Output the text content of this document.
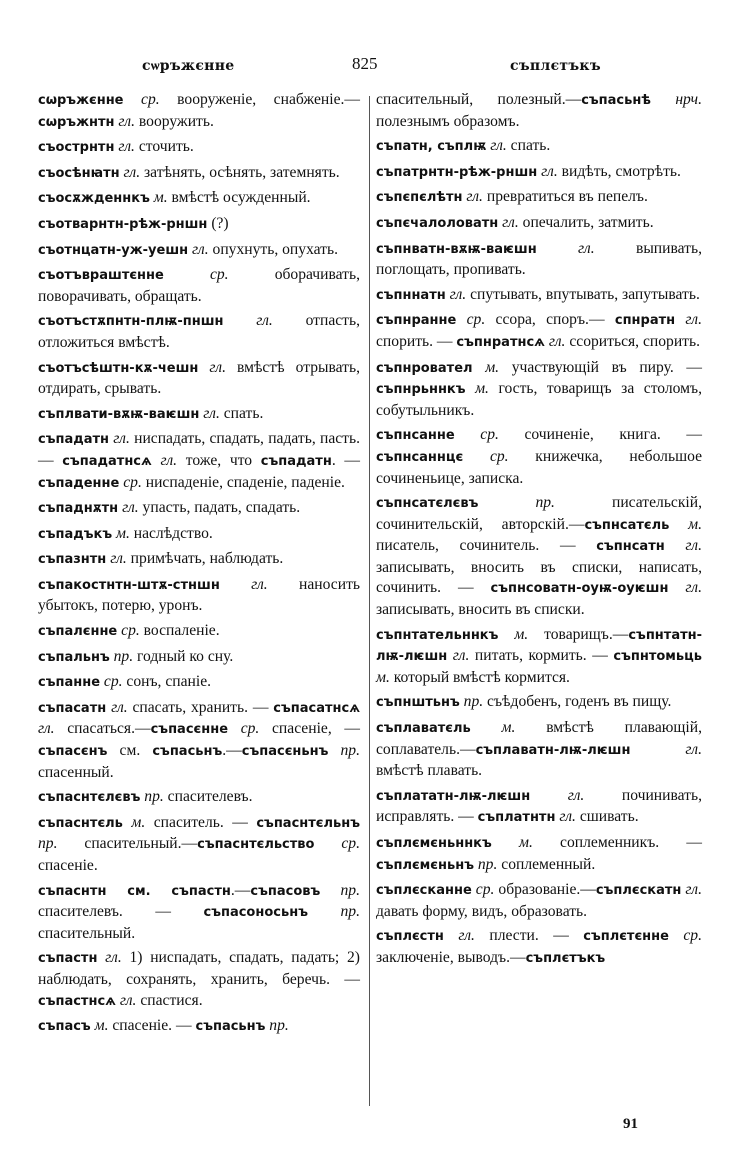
сѡръжєнне	825	съплєтъкъ
сѡръжєнне ср. вооруженіе, снабженіе.—сѡръжнтн гл. вооружить.
съострнтн гл. сточить.
съосѣнꙗтн гл. затѣнять, осѣнять, затемнять.
съосѫжденнкъ м. вмѣстѣ осужденный.
съотварнтн-рѣж-рншн (?)
съотнцатн-уж-уешн гл. опухнуть, опухать.
съотъвраштєнне ср. оборачивать, поворачивать, обращать.
съотъстѫпнтн-плѭ-пншн гл. отпасть, отложиться вмѣстѣ.
съотъсѣштн-кѫ-чешн гл. вмѣстѣ отрывать, отдирать, срывать.
съплвати-вѫѭ-ваѥшн гл. спать.
съпадатн гл. ниспадать, спадать, падать, пасть. — съпадатнсѧ гл. тоже, что съпадатн. — съпаденне ср. ниспаденіе, спаденіе, паденіе.
съпаднѫтн гл. упасть, падать, спадать.
съпадъкъ м. наслѣдство.
съпазнтн гл. примѣчать, наблюдать.
съпакостнтн-штѫ-стншн гл. наносить убытокъ, потерю, уронъ.
съпалєнне ср. воспаленіе.
съпальнъ пр. годный ко сну.
съпанне ср. сонъ, спаніе.
съпасатн гл. спасать, хранить. — съпасатнсѧ гл. спасаться.—съпасєнне ср. спасеніе, — съпасєнъ см. съпасьнъ.—съпасєньнъ пр. спасенный.
съпаснтєлєвъ пр. спасителевъ.
съпаснтєль м. спаситель. — съпаснтєльнъ пр. спасительный.—съпаснтєльство ср. спасеніе.
съпаснтн см. съпастн.—съпасовъ пр. спасителевъ. — съпасоносьнъ пр. спасительный.
съпастн гл. 1) ниспадать, спадать, падать; 2) наблюдать, сохранять, хранить, беречь. — съпастнсѧ гл. спастися.
съпасъ м. спасеніе. — съпасьнъ пр.
спасительный, полезный.—съпасьнѣ нрч. полезнымъ образомъ.
съпатн, съплѭ гл. спать.
съпатрнтн-рѣж-рншн гл. видѣть, смотрѣть.
съпєпєлѣтн гл. превратиться въ пепелъ.
съпєчалоловатн гл. опечалить, затмить.
съпнватн-вѫѭ-ваѥшн гл. выпивать, поглощать, пропивать.
съпннатн гл. спутывать, впутывать, запутывать.
съпнранне ср. ссора, споръ.— спнратн гл. спорить. — съпнратнсѧ гл. ссориться, спорить.
съпнровател м. участвующій въ пиру. — съпнрьннкъ м. гость, товарищъ за столомъ, собутыльникъ.
съпнсанне ср. сочиненіе, книга. — съпнсаннцє ср. книжечка, небольшое сочиненьице, записка.
съпнсатєлєвъ пр. писательскій, сочинительскій, авторскій.—съпнсатєль м. писатель, сочинитель. — съпнсатн гл. записывать, вносить въ списки, написать, сочинить. — съпнсоватн-оуѭ-оуѥшн гл. записывать, вносить въ списки.
съпнтательннкъ м. товарищъ.—съпнтатн-лѭ-лѥшн гл. питать, кормить. — съпнтомьць м. который вмѣстѣ кормится.
съпнштьнъ пр. съѣдобенъ, годенъ въ пищу.
съплаватєль м. вмѣстѣ плавающій, соплаватель.—съплаватн-лѭ-лѥшн гл. вмѣстѣ плавать.
съплататн-лѭ-лѥшн гл. починивать, исправлять. — съплатнтн гл. сшивать.
съплємєньннкъ м. соплеменникъ. — съплємєньнъ пр. соплеменный.
съплєсканне ср. образованіе.—съплєскатн гл. давать форму, видъ, образовать.
съплєстн гл. плести. — съплєтєнне ср. заключеніе, выводъ.—съплєтъкъ
91
